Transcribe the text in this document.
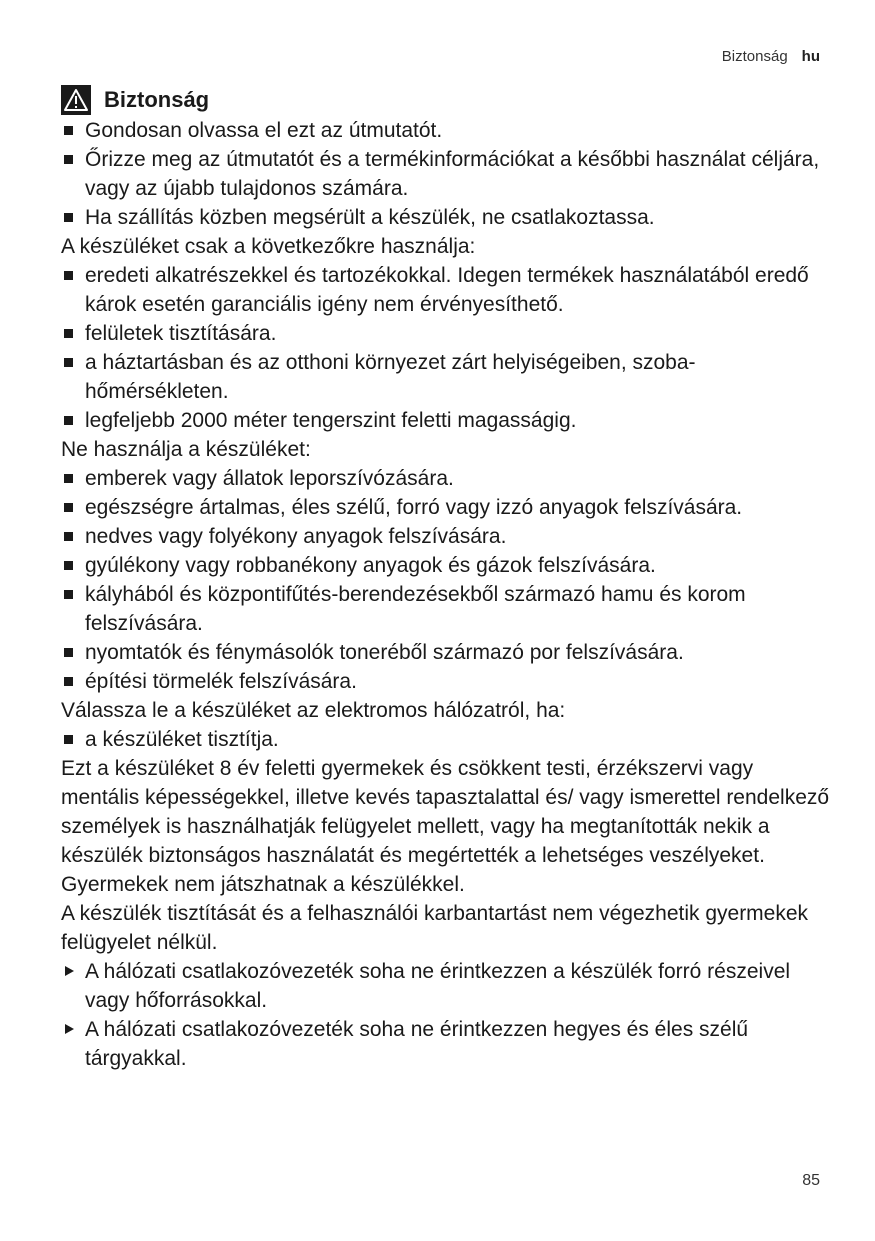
Biztonság hu
Biztonság
Gondosan olvassa el ezt az útmutatót.
Őrizze meg az útmutatót és a termékinformációkat a későbbi használat céljára, vagy az újabb tulajdonos számára.
Ha szállítás közben megsérült a készülék, ne csatlakoztassa.

A készüléket csak a következőkre használja:

eredeti alkatrészekkel és tartozékokkal. Idegen termékek használatából eredő károk esetén garanciális igény nem érvényesíthető.
felületek tisztítására.
a háztartásban és az otthoni környezet zárt helyiségeiben, szobahőmérsékleten.
legfeljebb 2000 méter tengerszint feletti magasságig.

Ne használja a készüléket:

emberek vagy állatok leporszívózására.
egészségre ártalmas, éles szélű, forró vagy izzó anyagok felszívására.
nedves vagy folyékony anyagok felszívására.
gyúlékony vagy robbanékony anyagok és gázok felszívására.
kályhából és központifűtés-berendezésekből származó hamu és korom felszívására.
nyomtatók és fénymásolók toneréből származó por felszívására.
építési törmelék felszívására.

Válassza le a készüléket az elektromos hálózatról, ha:

a készüléket tisztítja.

Ezt a készüléket 8 év feletti gyermekek és csökkent testi, érzékszervi vagy mentális képességekkel, illetve kevés tapasztalattal és/ vagy ismerettel rendelkező személyek is használhatják felügyelet mellett, vagy ha megtanították nekik a készülék biztonságos használatát és megértették a lehetséges veszélyeket.

Gyermekek nem játszhatnak a készülékkel.

A készülék tisztítását és a felhasználói karbantartást nem végezhetik gyermekek felügyelet nélkül.

A hálózati csatlakozóvezeték soha ne érintkezzen a készülék forró részeivel vagy hőforrásokkal.
A hálózati csatlakozóvezeték soha ne érintkezzen hegyes és éles szélű tárgyakkal.
85
